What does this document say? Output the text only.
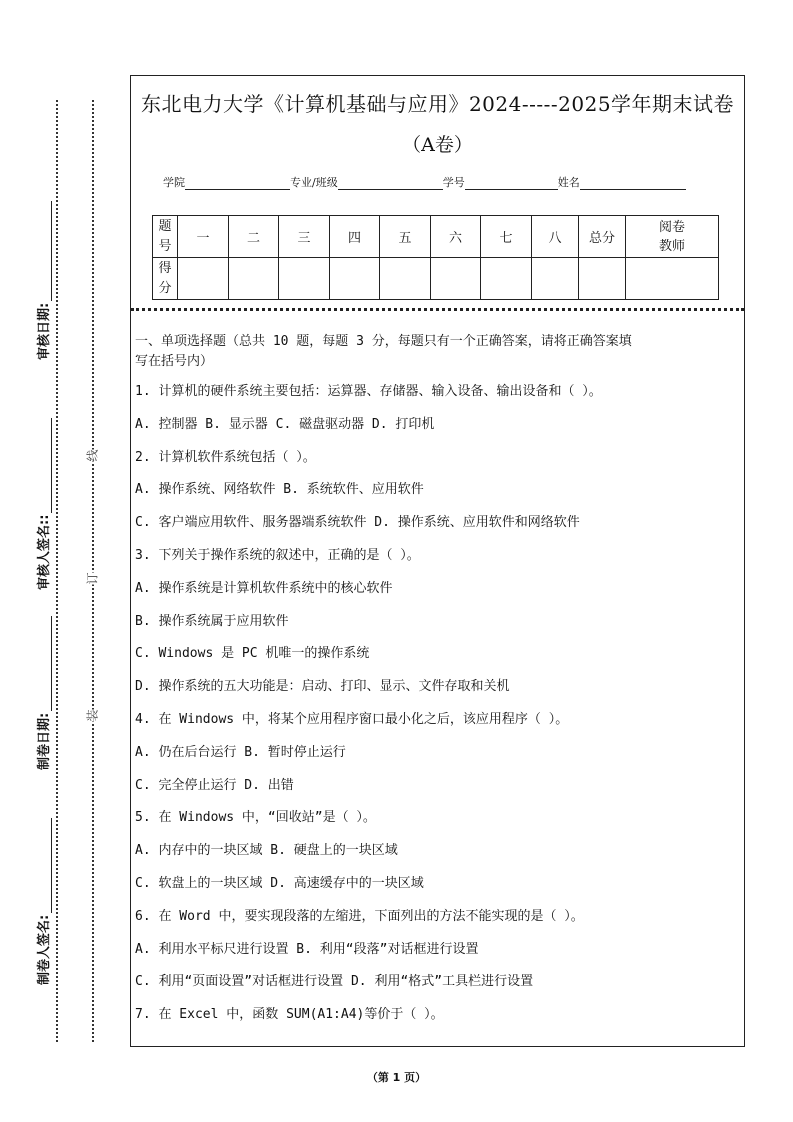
制卷人签名:
制卷日期:
审核人签名::
审核日期:
装
订
线
东北电力大学《计算机基础与应用》2024-----2025学年期末试卷
（A卷）
学院	专业/班级	学号	姓名
题号	一	二	三	四	五	六	七	八	总分	阅卷教师
得分										
一、单项选择题（总共 10 题，每题 3 分，每题只有一个正确答案，请将正确答案填
写在括号内）
1. 计算机的硬件系统主要包括：运算器、存储器、输入设备、输出设备和（ ）。
A. 控制器 B. 显示器 C. 磁盘驱动器 D. 打印机
2. 计算机软件系统包括（ ）。
A. 操作系统、网络软件 B. 系统软件、应用软件
C. 客户端应用软件、服务器端系统软件 D. 操作系统、应用软件和网络软件
3. 下列关于操作系统的叙述中，正确的是（ ）。
A. 操作系统是计算机软件系统中的核心软件
B. 操作系统属于应用软件
C. Windows 是 PC 机唯一的操作系统
D. 操作系统的五大功能是：启动、打印、显示、文件存取和关机
4. 在 Windows 中，将某个应用程序窗口最小化之后，该应用程序（ ）。
A. 仍在后台运行 B. 暂时停止运行
C. 完全停止运行 D. 出错
5. 在 Windows 中，“回收站”是（ ）。
A. 内存中的一块区域 B. 硬盘上的一块区域
C. 软盘上的一块区域 D. 高速缓存中的一块区域
6. 在 Word 中，要实现段落的左缩进，下面列出的方法不能实现的是（ ）。
A. 利用水平标尺进行设置 B. 利用“段落”对话框进行设置
C. 利用“页面设置”对话框进行设置 D. 利用“格式”工具栏进行设置
7. 在 Excel 中，函数 SUM(A1:A4)等价于（ ）。
（第 1 页）
